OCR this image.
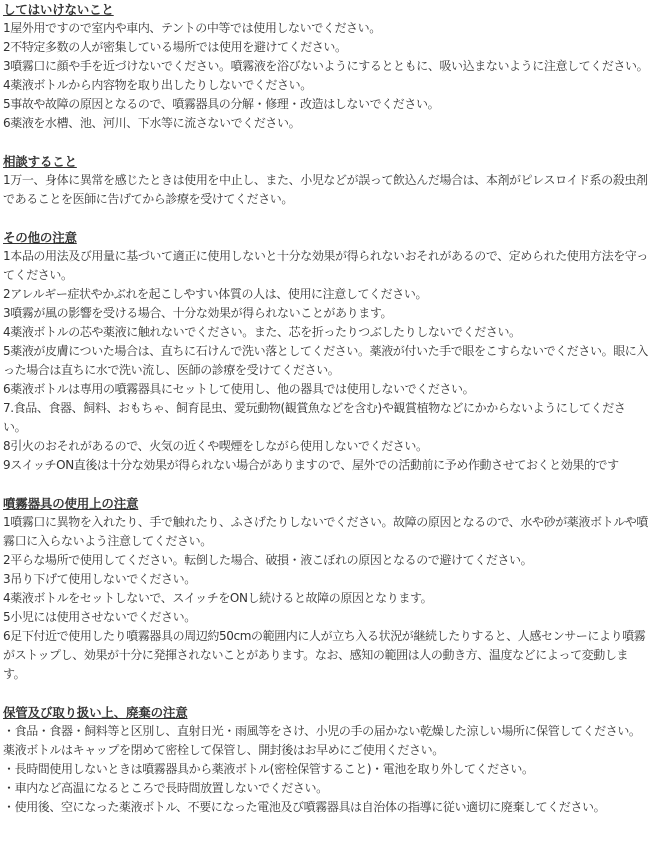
してはいけないこと

1屋外用ですので室内や車内、テントの中等では使用しないでください。

2不特定多数の人が密集している場所では使用を避けてください。

3噴霧口に顔や手を近づけないでください。噴霧液を浴びないようにするとともに、吸い込まないように注意してください。

4薬液ボトルから内容物を取り出したりしないでください。

5事故や故障の原因となるので、噴霧器具の分解・修理・改造はしないでください。

6薬液を水槽、池、河川、下水等に流さないでください。

相談すること

1万一、身体に異常を感じたときは使用を中止し、また、小児などが誤って飲込んだ場合は、本剤がピレスロイド系の殺虫剤であることを医師に告げてから診療を受けてください。

その他の注意

1本品の用法及び用量に基づいて適正に使用しないと十分な効果が得られないおそれがあるので、定められた使用方法を守ってください。

2アレルギー症状やかぶれを起こしやすい体質の人は、使用に注意してください。

3噴霧が風の影響を受ける場合、十分な効果が得られないことがあります。

4薬液ボトルの芯や薬液に触れないでください。また、芯を折ったりつぶしたりしないでください。

5薬液が皮膚についた場合は、直ちに石けんで洗い落としてください。薬液が付いた手で眼をこすらないでください。眼に入った場合は直ちに水で洗い流し、医師の診療を受けてください。

6薬液ボトルは専用の噴霧器具にセットして使用し、他の器具では使用しないでください。

7.食品、食器、飼料、おもちゃ、飼育昆虫、愛玩動物(観賞魚などを含む)や観賞植物などにかからないようにしてください。

8引火のおそれがあるので、火気の近くや喫煙をしながら使用しないでください。

9スイッチON直後は十分な効果が得られない場合がありますので、屋外での活動前に予め作動させておくと効果的です

噴霧器具の使用上の注意

1噴霧口に異物を入れたり、手で触れたり、ふさげたりしないでください。故障の原因となるので、水や砂が薬液ボトルや噴霧口に入らないよう注意してください。

2平らな場所で使用してください。転倒した場合、破損・液こぼれの原因となるので避けてください。

3吊り下げて使用しないでください。

4薬液ボトルをセットしないで、スイッチをONし続けると故障の原因となります。

5小児には使用させないでください。

6足下付近で使用したり噴霧器具の周辺約50cmの範囲内に人が立ち入る状況が継続したりすると、人感センサーにより噴霧がストップし、効果が十分に発揮されないことがあります。なお、感知の範囲は人の動き方、温度などによって変動します。

保管及び取り扱い上、廃棄の注意

・食品・食器・飼料等と区別し、直射日光・雨風等をさけ、小児の手の届かない乾燥した涼しい場所に保管してください。薬液ボトルはキャップを閉めて密栓して保管し、開封後はお早めにご使用ください。

・長時間使用しないときは噴霧器具から薬液ボトル(密栓保管すること)・電池を取り外してください。

・車内など高温になるところで長時間放置しないでください。

・使用後、空になった薬液ボトル、不要になった電池及び噴霧器具は自治体の指導に従い適切に廃棄してください。
